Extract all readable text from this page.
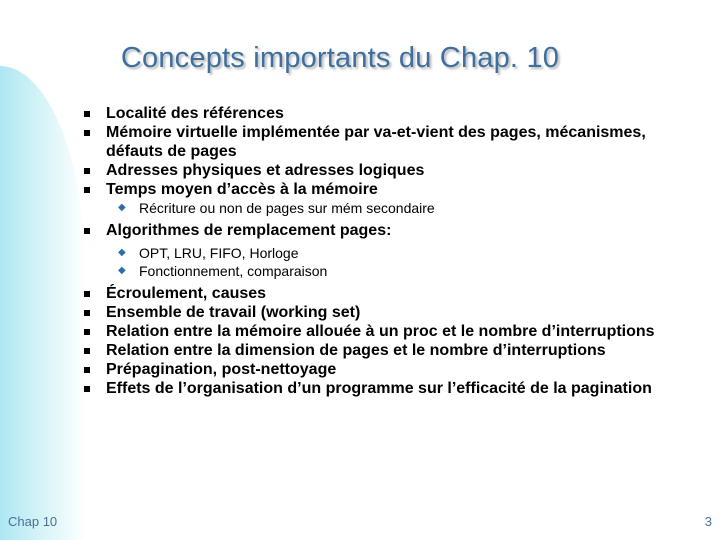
Concepts importants du Chap. 10
Localité des références
Mémoire virtuelle implémentée par va-et-vient des pages, mécanismes, défauts de pages
Adresses physiques et adresses logiques
Temps moyen d’accès à la mémoire
◆ Récriture ou non de pages sur mém secondaire
Algorithmes de remplacement pages:
◆ OPT, LRU, FIFO, Horloge
◆ Fonctionnement, comparaison
Écroulement, causes
Ensemble de travail (working set)
Relation entre la mémoire allouée à un proc et le nombre d’interruptions
Relation entre la dimension de pages et le nombre d’interruptions
Prépagination, post-nettoyage
Effets de l’organisation d’un programme sur l’efficacité de la pagination
Chap 10	3
